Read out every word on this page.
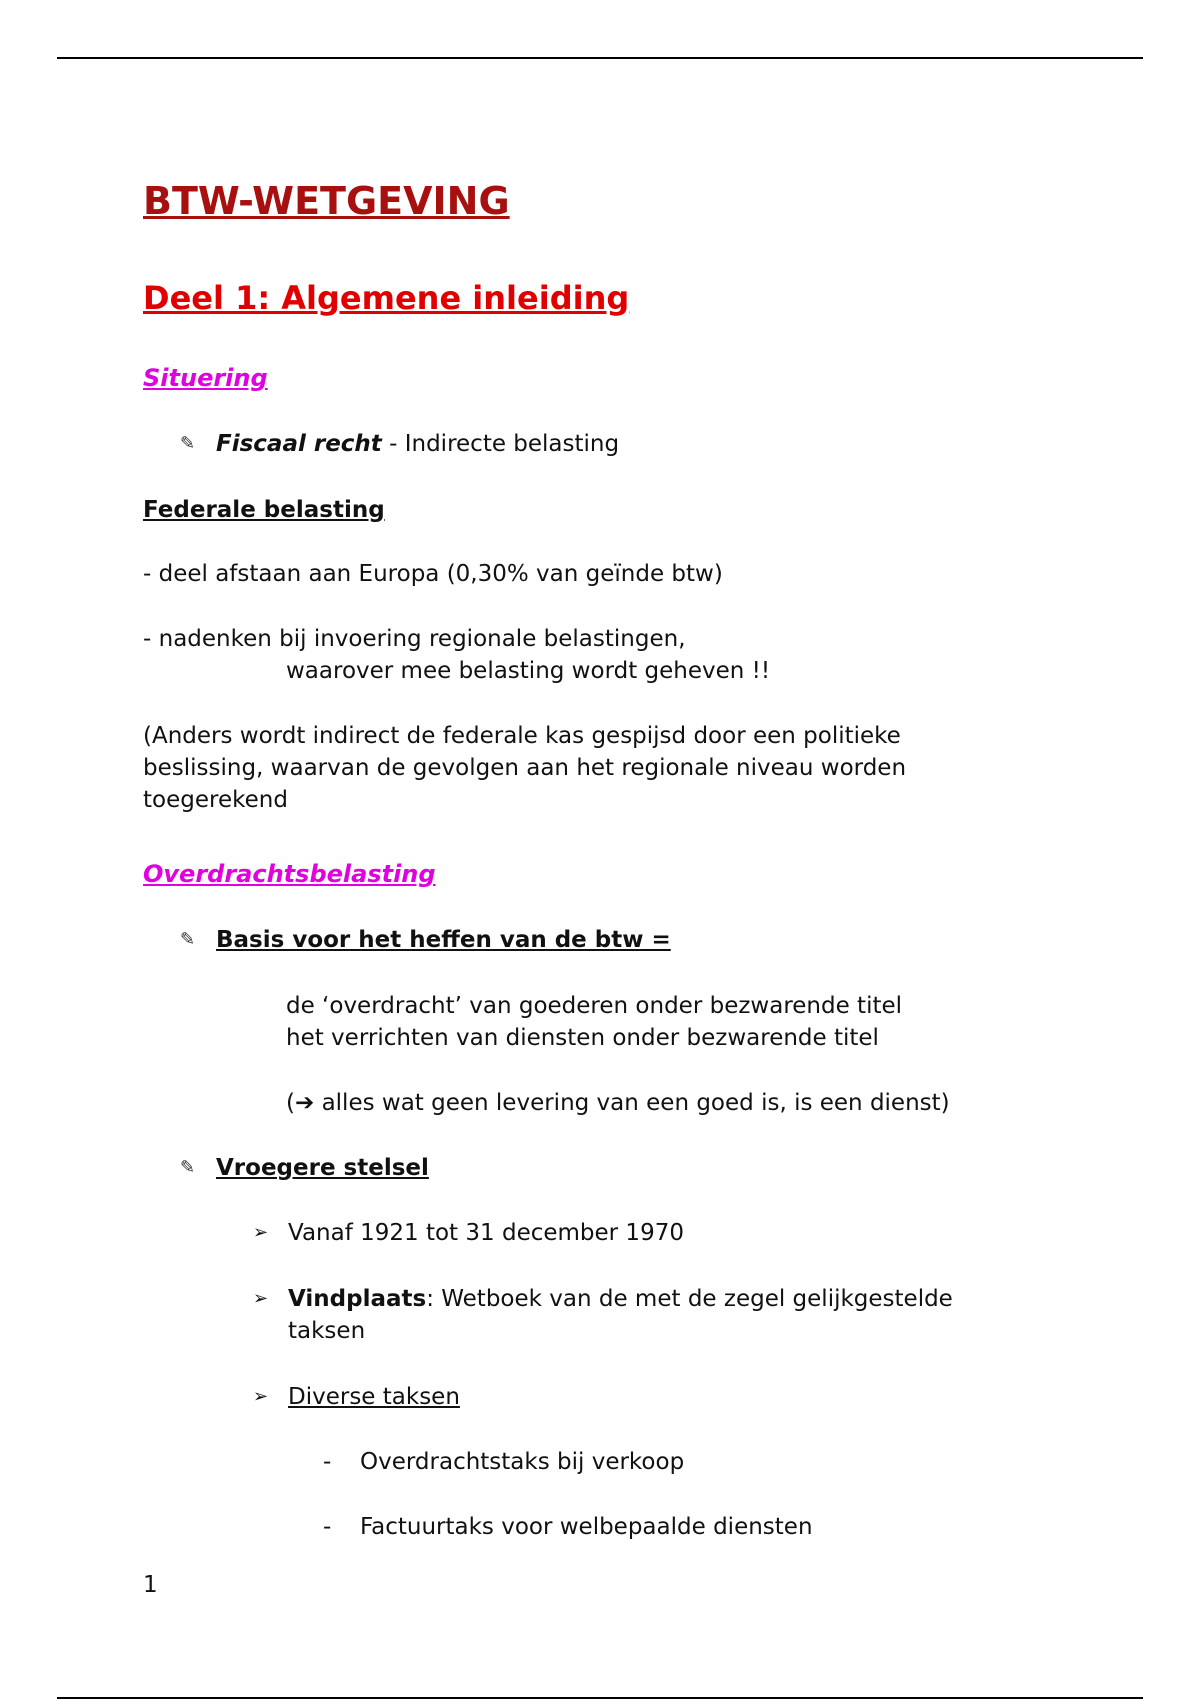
BTW-WETGEVING
Deel 1: Algemene inleiding
Situering
✎ Fiscaal recht - Indirecte belasting
Federale belasting
- deel afstaan aan Europa (0,30% van geïnde btw)
- nadenken bij invoering regionale belastingen,
waarover mee belasting wordt geheven !!
(Anders wordt indirect de federale kas gespijsd door een politieke
beslissing, waarvan de gevolgen aan het regionale niveau worden
toegerekend
Overdrachtsbelasting
✎ Basis voor het heffen van de btw =
de ‘overdracht’ van goederen onder bezwarende titel
het verrichten van diensten onder bezwarende titel
(➔ alles wat geen levering van een goed is, is een dienst)
✎ Vroegere stelsel
➢ Vanaf 1921 tot 31 december 1970
➢ Vindplaats: Wetboek van de met de zegel gelijkgestelde
taksen
➢ Diverse taksen
- Overdrachtstaks bij verkoop
- Factuurtaks voor welbepaalde diensten
1
